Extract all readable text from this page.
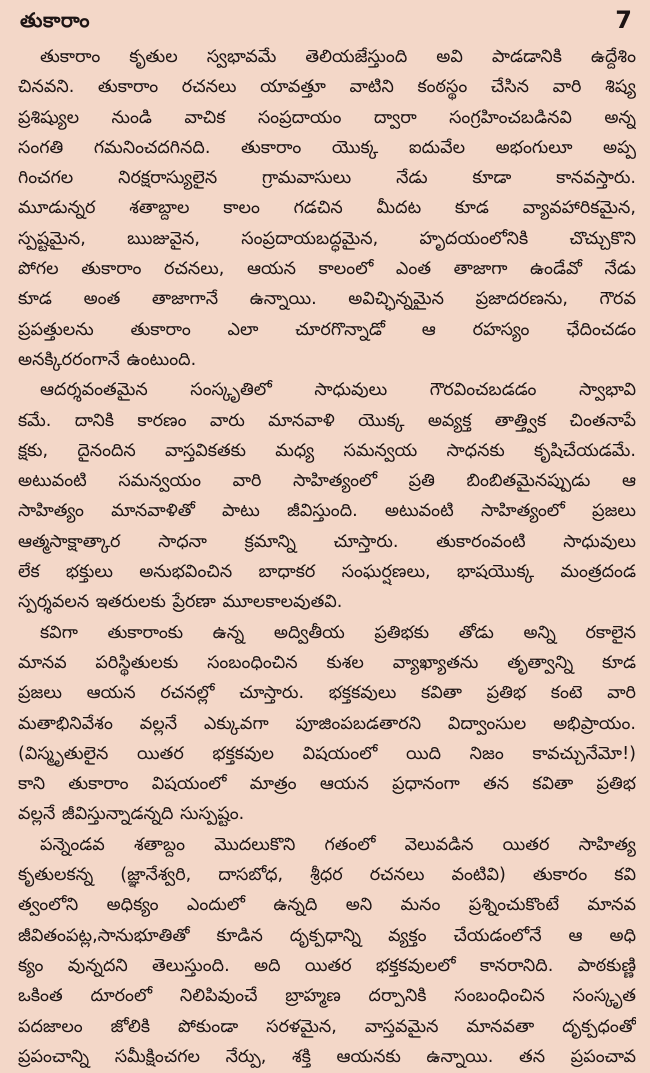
తుకారాం	7

తుకారాం కృతుల స్వభావమే తెలియజేస్తుంది అవి పాడడానికి ఉద్దేశిం
చినవని. తుకారాం రచనలు యావత్తూ వాటిని కంఠస్థం చేసిన వారి శిష్య
ప్రశిష్యుల నుండి వాచిక సంప్రదాయం ద్వారా సంగ్రహించబడినవి అన్న
సంగతి గమనించదగినది. తుకారాం యొక్క ఐదువేల అభంగులూ అప్ప
గించగల నిరక్షరాస్యులైన గ్రామవాసులు నేడు కూడా కానవస్తారు.
మూడున్నర శతాబ్దాల కాలం గడచిన మీదట కూడ వ్యావహారికమైన,
స్పష్టమైన, ఋజువైన, సంప్రదాయబద్ధమైన, హృదయంలోనికి చొచ్చుకొని
పోగల తుకారాం రచనలు, ఆయన కాలంలో ఎంత తాజాగా ఉండేవో నేడు
కూడ అంత తాజాగానే ఉన్నాయి. అవిచ్ఛిన్నమైన ప్రజాదరణను, గౌరవ
ప్రపత్తులను తుకారాం ఎలా చూరగొన్నాడో ఆ రహస్యం ఛేదించడం
అనక్కిరరంగానే ఉంటుంది.

ఆదర్శవంతమైన సంస్కృతిలో సాధువులు గౌరవించబడడం స్వాభావి
కమే. దానికి కారణం వారు మానవాళి యొక్క అవ్యక్త తాత్త్విక చింతనాపే
క్షకు, దైనందిన వాస్తవికతకు మధ్య సమన్వయ సాధనకు కృషిచేయడమే.
అటువంటి సమన్వయం వారి సాహిత్యంలో ప్రతి బింబితమైనప్పుడు ఆ
సాహిత్యం మానవాళితో పాటు జీవిస్తుంది. అటువంటి సాహిత్యంలో ప్రజలు
ఆత్మసాక్షాత్కార సాధనా క్రమాన్ని చూస్తారు. తుకారంవంటి సాధువులు
లేక భక్తులు అనుభవించిన బాధాకర సంఘర్షణలు, భాషయొక్క మంత్రదండ
స్పర్శవలన ఇతరులకు ప్రేరణా మూలకాలవుతవి.

కవిగా తుకారాంకు ఉన్న అద్వితీయ ప్రతిభకు తోడు అన్ని రకాలైన
మానవ పరిస్థితులకు సంబంధించిన కుశల వ్యాఖ్యాతను తృత్వాన్ని కూడ
ప్రజలు ఆయన రచనల్లో చూస్తారు. భక్తకవులు కవితా ప్రతిభ కంటె వారి
మతాభినివేశం వల్లనే ఎక్కువగా పూజింపబడతారని విద్వాంసుల అభిప్రాయం.
(విస్మృతులైన యితర భక్తకవుల విషయంలో యిది నిజం కావచ్చునేమో!)
కాని తుకారాం విషయంలో మాత్రం ఆయన ప్రధానంగా తన కవితా ప్రతిభ
వల్లనే జీవిస్తున్నాడన్నది సుస్పష్టం.

పన్నెండవ శతాబ్దం మొదలుకొని గతంలో వెలువడిన యితర సాహిత్య
కృతులకన్న (జ్ఞానేశ్వరి, దాసబోధ, శ్రీధర రచనలు వంటివి) తుకారం కవి
త్వంలోని అధిక్యం ఎందులో ఉన్నది అని మనం ప్రశ్నించుకొంటే మానవ
జీవితంపట్ల,సానుభూతితో కూడిన దృక్పధాన్ని వ్యక్తం చేయడంలోనే ఆ అధి
క్యం వున్నదని తెలుస్తుంది. అది యితర భక్తకవులలో కానరానిది. పాఠకుణ్ణి
ఒకింత దూరంలో నిలిపివుంచే బ్రాహ్మణ దర్పానికి సంబంధించిన సంస్కృత
పదజాలం జోలికి పోకుండా సరళమైన, వాస్తవమైన మానవతా దృక్పధంతో
ప్రపంచాన్ని సమీక్షించగల నేర్పు, శక్తి ఆయనకు ఉన్నాయి. తన ప్రపంచావ
